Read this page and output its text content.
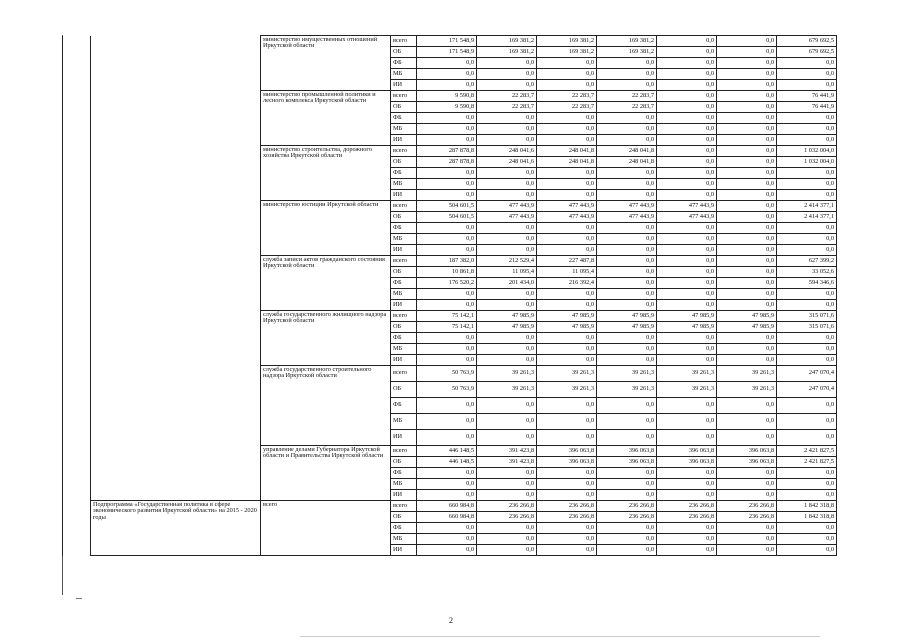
		министерство имущественных отношений Иркутской области	всего	171 548,9	169 381,2	169 381,2	169 381,2	0,0	0,0	679 692,5
			ОБ	171 548,9	169 381,2	169 381,2	169 381,2	0,0	0,0	679 692,5
			ФБ	0,0	0,0	0,0	0,0	0,0	0,0	0,0
			МБ	0,0	0,0	0,0	0,0	0,0	0,0	0,0
			ИИ	0,0	0,0	0,0	0,0	0,0	0,0	0,0
		министерство промышленной политики и лесного комплекса Иркутской области	всего	9 590,8	22 283,7	22 283,7	22 283,7	0,0	0,0	76 441,9
			ОБ	9 590,8	22 283,7	22 283,7	22 283,7	0,0	0,0	76 441,9
			ФБ	0,0	0,0	0,0	0,0	0,0	0,0	0,0
			МБ	0,0	0,0	0,0	0,0	0,0	0,0	0,0
			ИИ	0,0	0,0	0,0	0,0	0,0	0,0	0,0
		министерство строительства, дорожного хозяйства Иркутской области	всего	287 878,8	248 041,6	248 041,8	248 041,8	0,0	0,0	1 032 004,0
			ОБ	287 878,8	248 041,6	248 041,8	248 041,8	0,0	0,0	1 032 004,0
			ФБ	0,0	0,0	0,0	0,0	0,0	0,0	0,0
			МБ	0,0	0,0	0,0	0,0	0,0	0,0	0,0
			ИИ	0,0	0,0	0,0	0,0	0,0	0,0	0,0
		министерство юстиции Иркутской области	всего	504 601,5	477 443,9	477 443,9	477 443,9	477 443,9	0,0	2 414 377,1
			ОБ	504 601,5	477 443,9	477 443,9	477 443,9	477 443,9	0,0	2 414 377,1
			ФБ	0,0	0,0	0,0	0,0	0,0	0,0	0,0
			МБ	0,0	0,0	0,0	0,0	0,0	0,0	0,0
			ИИ	0,0	0,0	0,0	0,0	0,0	0,0	0,0
		служба записи актов гражданского состояния Иркутской области	всего	187 382,0	212 529,4	227 487,8	0,0	0,0	0,0	627 399,2
			ОБ	10 861,8	11 095,4	11 095,4	0,0	0,0	0,0	33 052,6
			ФБ	176 520,2	201 434,0	216 392,4	0,0	0,0	0,0	594 346,6
			МБ	0,0	0,0	0,0	0,0	0,0	0,0	0,0
			ИИ	0,0	0,0	0,0	0,0	0,0	0,0	0,0
		служба государственного жилищного надзора Иркутской области	всего	75 142,1	47 985,9	47 985,9	47 985,9	47 985,9	47 985,9	315 071,6
			ОБ	75 142,1	47 985,9	47 985,9	47 985,9	47 985,9	47 985,9	315 071,6
			ФБ	0,0	0,0	0,0	0,0	0,0	0,0	0,0
			МБ	0,0	0,0	0,0	0,0	0,0	0,0	0,0
			ИИ	0,0	0,0	0,0	0,0	0,0	0,0	0,0
		служба государственного строительного надзора Иркутской области	всего	50 763,9	39 261,3	39 261,3	39 261,3	39 261,3	39 261,3	247 070,4
			ОБ	50 763,9	39 261,3	39 261,3	39 261,3	39 261,3	39 261,3	247 070,4
			ФБ	0,0	0,0	0,0	0,0	0,0	0,0	0,0
			МБ	0,0	0,0	0,0	0,0	0,0	0,0	0,0
			ИИ	0,0	0,0	0,0	0,0	0,0	0,0	0,0
		управление делами Губернатора Иркутской области и Правительства Иркутской области	всего	446 148,5	391 423,8	396 063,8	396 063,8	396 063,8	396 063,8	2 421 827,5
			ОБ	446 148,5	391 423,8	396 063,8	396 063,8	396 063,8	396 063,8	2 421 827,5
			ФБ	0,0	0,0	0,0	0,0	0,0	0,0	0,0
			МБ	0,0	0,0	0,0	0,0	0,0	0,0	0,0
			ИИ	0,0	0,0	0,0	0,0	0,0	0,0	0,0
	Подпрограмма «Государственная политика в сфере экономического развития Иркутской области» на 2015 - 2020 годы	всего	всего	660 984,8	236 266,8	236 266,8	236 266,8	236 266,8	236 266,8	1 842 318,8
			ОБ	660 984,8	236 266,8	236 266,8	236 266,8	236 266,8	236 266,8	1 842 318,8
			ФБ	0,0	0,0	0,0	0,0	0,0	0,0	0,0
			МБ	0,0	0,0	0,0	0,0	0,0	0,0	0,0
			ИИ	0,0	0,0	0,0	0,0	0,0	0,0	0,0
2
